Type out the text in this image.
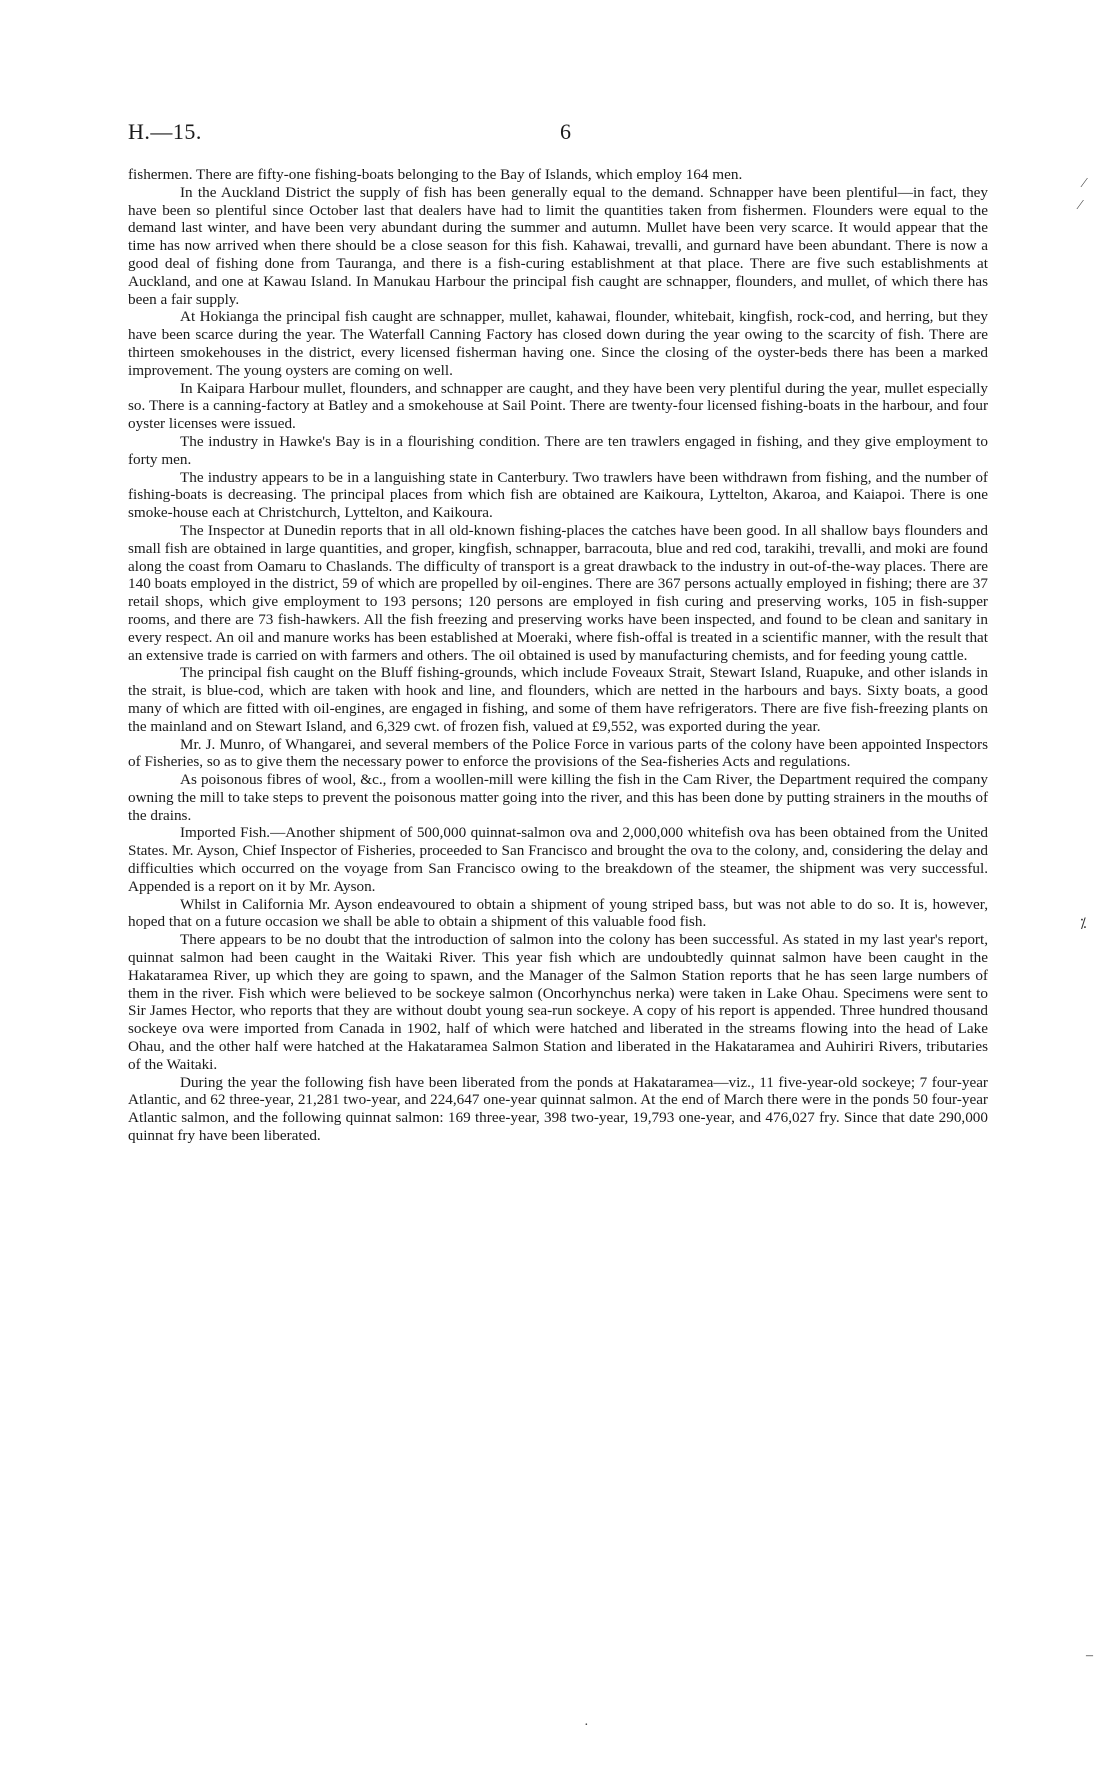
H.—15.	6

fishermen. There are fifty-one fishing-boats belonging to the Bay of Islands, which employ 164 men.

In the Auckland District the supply of fish has been generally equal to the demand. Schnapper have been plentiful—in fact, they have been so plentiful since October last that dealers have had to limit the quantities taken from fishermen. Flounders were equal to the demand last winter, and have been very abundant during the summer and autumn. Mullet have been very scarce. It would appear that the time has now arrived when there should be a close season for this fish. Kahawai, trevalli, and gurnard have been abundant. There is now a good deal of fishing done from Tauranga, and there is a fish-curing establishment at that place. There are five such establishments at Auckland, and one at Kawau Island. In Manukau Harbour the principal fish caught are schnapper, flounders, and mullet, of which there has been a fair supply.

At Hokianga the principal fish caught are schnapper, mullet, kahawai, flounder, whitebait, kingfish, rock-cod, and herring, but they have been scarce during the year. The Waterfall Canning Factory has closed down during the year owing to the scarcity of fish. There are thirteen smokehouses in the district, every licensed fisherman having one. Since the closing of the oyster-beds there has been a marked improvement. The young oysters are coming on well.

In Kaipara Harbour mullet, flounders, and schnapper are caught, and they have been very plentiful during the year, mullet especially so. There is a canning-factory at Batley and a smokehouse at Sail Point. There are twenty-four licensed fishing-boats in the harbour, and four oyster licenses were issued.

The industry in Hawke's Bay is in a flourishing condition. There are ten trawlers engaged in fishing, and they give employment to forty men.

The industry appears to be in a languishing state in Canterbury. Two trawlers have been withdrawn from fishing, and the number of fishing-boats is decreasing. The principal places from which fish are obtained are Kaikoura, Lyttelton, Akaroa, and Kaiapoi. There is one smoke-house each at Christchurch, Lyttelton, and Kaikoura.

The Inspector at Dunedin reports that in all old-known fishing-places the catches have been good. In all shallow bays flounders and small fish are obtained in large quantities, and groper, kingfish, schnapper, barracouta, blue and red cod, tarakihi, trevalli, and moki are found along the coast from Oamaru to Chaslands. The difficulty of transport is a great drawback to the industry in out-of-the-way places. There are 140 boats employed in the district, 59 of which are propelled by oil-engines. There are 367 persons actually employed in fishing; there are 37 retail shops, which give employment to 193 persons; 120 persons are employed in fish curing and preserving works, 105 in fish-supper rooms, and there are 73 fish-hawkers. All the fish freezing and preserving works have been inspected, and found to be clean and sanitary in every respect. An oil and manure works has been established at Moeraki, where fish-offal is treated in a scientific manner, with the result that an extensive trade is carried on with farmers and others. The oil obtained is used by manufacturing chemists, and for feeding young cattle.

The principal fish caught on the Bluff fishing-grounds, which include Foveaux Strait, Stewart Island, Ruapuke, and other islands in the strait, is blue-cod, which are taken with hook and line, and flounders, which are netted in the harbours and bays. Sixty boats, a good many of which are fitted with oil-engines, are engaged in fishing, and some of them have refrigerators. There are five fish-freezing plants on the mainland and on Stewart Island, and 6,329 cwt. of frozen fish, valued at £9,552, was exported during the year.

Mr. J. Munro, of Whangarei, and several members of the Police Force in various parts of the colony have been appointed Inspectors of Fisheries, so as to give them the necessary power to enforce the provisions of the Sea-fisheries Acts and regulations.

As poisonous fibres of wool, &c., from a woollen-mill were killing the fish in the Cam River, the Department required the company owning the mill to take steps to prevent the poisonous matter going into the river, and this has been done by putting strainers in the mouths of the drains.

Imported Fish.—Another shipment of 500,000 quinnat-salmon ova and 2,000,000 whitefish ova has been obtained from the United States. Mr. Ayson, Chief Inspector of Fisheries, proceeded to San Francisco and brought the ova to the colony, and, considering the delay and difficulties which occurred on the voyage from San Francisco owing to the breakdown of the steamer, the shipment was very successful. Appended is a report on it by Mr. Ayson.

Whilst in California Mr. Ayson endeavoured to obtain a shipment of young striped bass, but was not able to do so. It is, however, hoped that on a future occasion we shall be able to obtain a shipment of this valuable food fish.

There appears to be no doubt that the introduction of salmon into the colony has been successful. As stated in my last year's report, quinnat salmon had been caught in the Waitaki River. This year fish which are undoubtedly quinnat salmon have been caught in the Hakataramea River, up which they are going to spawn, and the Manager of the Salmon Station reports that he has seen large numbers of them in the river. Fish which were believed to be sockeye salmon (Oncorhynchus nerka) were taken in Lake Ohau. Specimens were sent to Sir James Hector, who reports that they are without doubt young sea-run sockeye. A copy of his report is appended. Three hundred thousand sockeye ova were imported from Canada in 1902, half of which were hatched and liberated in the streams flowing into the head of Lake Ohau, and the other half were hatched at the Hakataramea Salmon Station and liberated in the Hakataramea and Auhiriri Rivers, tributaries of the Waitaki.

During the year the following fish have been liberated from the ponds at Hakataramea—viz., 11 five-year-old sockeye; 7 four-year Atlantic, and 62 three-year, 21,281 two-year, and 224,647 one-year quinnat salmon. At the end of March there were in the ponds 50 four-year Atlantic salmon, and the following quinnat salmon: 169 three-year, 398 two-year, 19,793 one-year, and 476,027 fry. Since that date 290,000 quinnat fry have been liberated.

⁄
⁄
⁒
–
·
